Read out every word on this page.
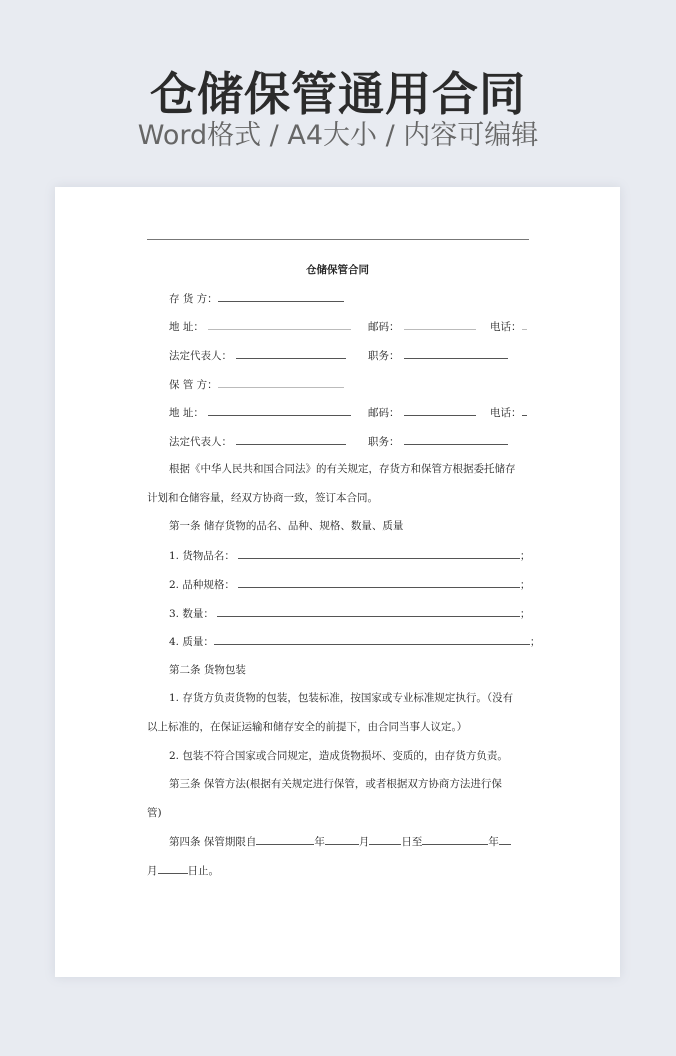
仓储保管通用合同
Word格式 / A4大小 / 内容可编辑
仓储保管合同
存 货 方：
地 址：	邮码：	电话：
法定代表人：	职务：
保 管 方：
地 址：	邮码：	电话：
法定代表人：	职务：
根据《中华人民共和国合同法》的有关规定，存货方和保管方根据委托储存
计划和仓储容量，经双方协商一致，签订本合同。
第一条 储存货物的品名、品种、规格、数量、质量
1. 货物品名：	；
2. 品种规格：	；
3. 数量：	；
4. 质量：	；
第二条 货物包装
1. 存货方负责货物的包装，包装标准，按国家或专业标准规定执行。（没有
以上标准的，在保证运输和储存安全的前提下，由合同当事人议定。）
2. 包装不符合国家或合同规定，造成货物损坏、变质的，由存货方负责。
第三条 保管方法(根据有关规定进行保管，或者根据双方协商方法进行保
管)
第四条 保管期限自	年	月	日至	年
月	日止。
